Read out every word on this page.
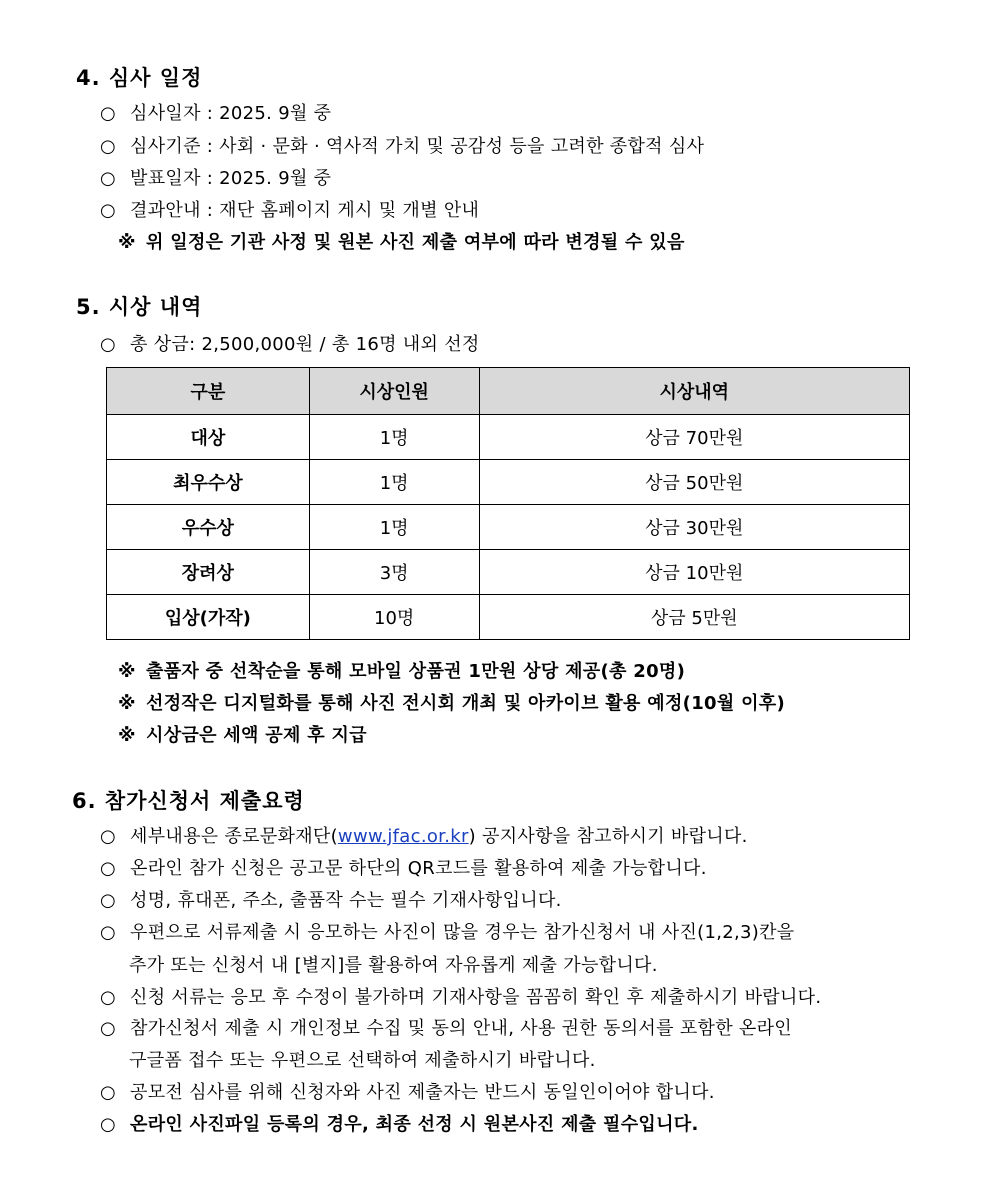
4. 심사 일정
○ 심사일자 : 2025. 9월 중
○ 심사기준 : 사회 · 문화 · 역사적 가치 및 공감성 등을 고려한 종합적 심사
○ 발표일자 : 2025. 9월 중
○ 결과안내 : 재단 홈페이지 게시 및 개별 안내
※ 위 일정은 기관 사정 및 원본 사진 제출 여부에 따라 변경될 수 있음
5. 시상 내역
○ 총 상금: 2,500,000원 / 총 16명 내외 선정
구분	시상인원	시상내역
대상	1명	상금 70만원
최우수상	1명	상금 50만원
우수상	1명	상금 30만원
장려상	3명	상금 10만원
입상(가작)	10명	상금 5만원
※ 출품자 중 선착순을 통해 모바일 상품권 1만원 상당 제공(총 20명)
※ 선정작은 디지털화를 통해 사진 전시회 개최 및 아카이브 활용 예정(10월 이후)
※ 시상금은 세액 공제 후 지급
6. 참가신청서 제출요령
○ 세부내용은 종로문화재단(www.jfac.or.kr) 공지사항을 참고하시기 바랍니다.
○ 온라인 참가 신청은 공고문 하단의 QR코드를 활용하여 제출 가능합니다.
○ 성명, 휴대폰, 주소, 출품작 수는 필수 기재사항입니다.
○ 우편으로 서류제출 시 응모하는 사진이 많을 경우는 참가신청서 내 사진(1,2,3)칸을
추가 또는 신청서 내 [별지]를 활용하여 자유롭게 제출 가능합니다.
○ 신청 서류는 응모 후 수정이 불가하며 기재사항을 꼼꼼히 확인 후 제출하시기 바랍니다.
○ 참가신청서 제출 시 개인정보 수집 및 동의 안내, 사용 권한 동의서를 포함한 온라인
구글폼 접수 또는 우편으로 선택하여 제출하시기 바랍니다.
○ 공모전 심사를 위해 신청자와 사진 제출자는 반드시 동일인이어야 합니다.
○ 온라인 사진파일 등록의 경우, 최종 선정 시 원본사진 제출 필수입니다.
